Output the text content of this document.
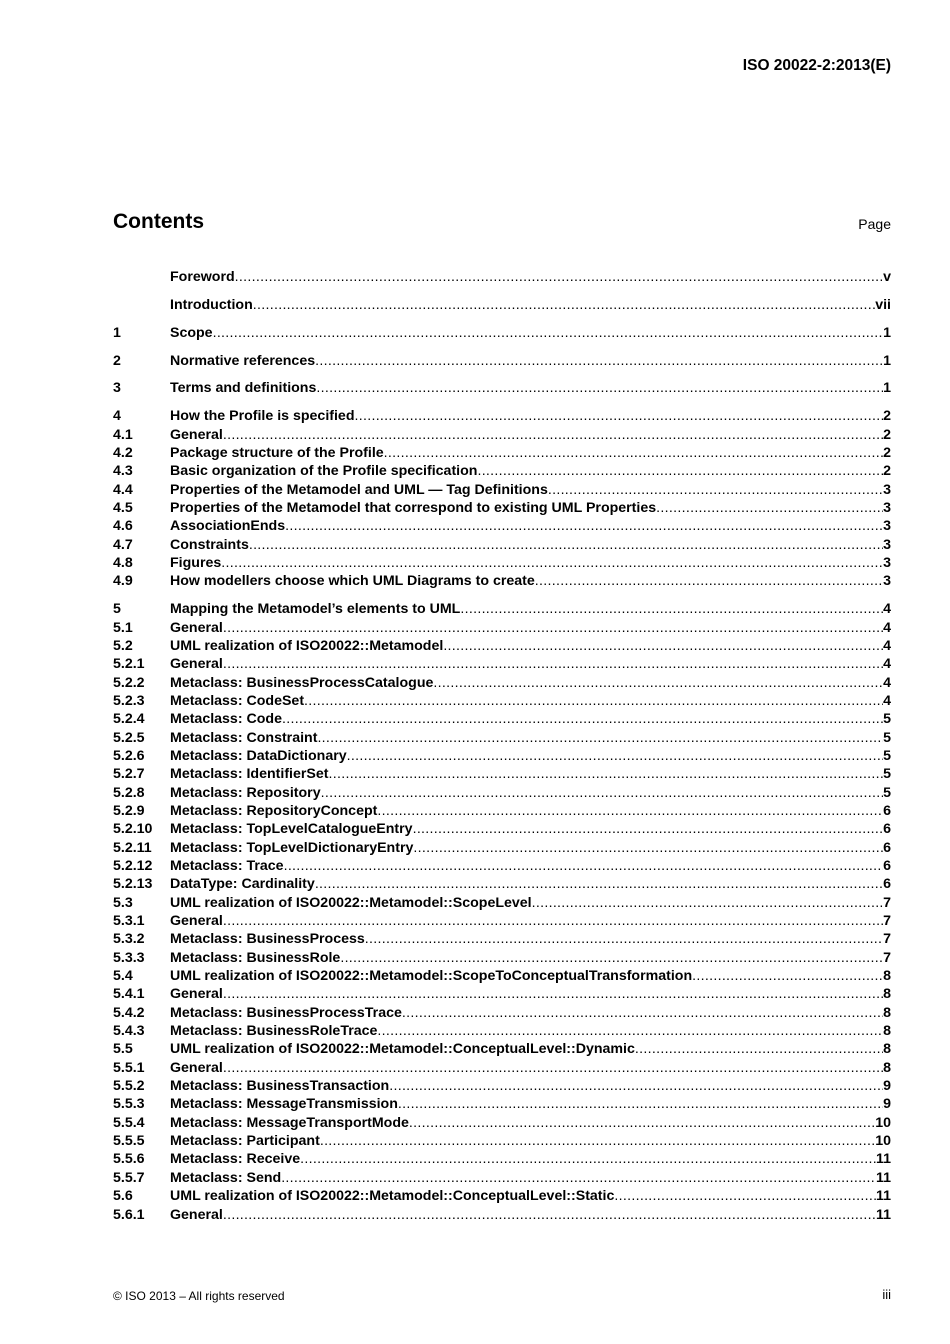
ISO 20022-2:2013(E)
Contents	Page
Foreword .....	v
Introduction .....	vii
1	Scope .....	1
2	Normative references .....	1
3	Terms and definitions .....	1
4	How the Profile is specified .....	2
4.1	General .....	2
4.2	Package structure of the Profile .....	2
4.3	Basic organization of the Profile specification .....	2
4.4	Properties of the Metamodel and UML — Tag Definitions .....	3
4.5	Properties of the Metamodel that correspond to existing UML Properties .....	3
4.6	AssociationEnds .....	3
4.7	Constraints .....	3
4.8	Figures .....	3
4.9	How modellers choose which UML Diagrams to create .....	3
5	Mapping the Metamodel’s elements to UML .....	4
5.1	General .....	4
5.2	UML realization of ISO20022::Metamodel .....	4
5.2.1	General .....	4
5.2.2	Metaclass: BusinessProcessCatalogue .....	4
5.2.3	Metaclass: CodeSet .....	4
5.2.4	Metaclass: Code .....	5
5.2.5	Metaclass: Constraint .....	5
5.2.6	Metaclass: DataDictionary .....	5
5.2.7	Metaclass: IdentifierSet .....	5
5.2.8	Metaclass: Repository .....	5
5.2.9	Metaclass: RepositoryConcept .....	6
5.2.10	Metaclass: TopLevelCatalogueEntry .....	6
5.2.11	Metaclass: TopLevelDictionaryEntry .....	6
5.2.12	Metaclass: Trace .....	6
5.2.13	DataType: Cardinality .....	6
5.3	UML realization of ISO20022::Metamodel::ScopeLevel .....	7
5.3.1	General .....	7
5.3.2	Metaclass: BusinessProcess .....	7
5.3.3	Metaclass: BusinessRole .....	7
5.4	UML realization of ISO20022::Metamodel::ScopeToConceptualTransformation .....	8
5.4.1	General .....	8
5.4.2	Metaclass: BusinessProcessTrace .....	8
5.4.3	Metaclass: BusinessRoleTrace .....	8
5.5	UML realization of ISO20022::Metamodel::ConceptualLevel::Dynamic .....	8
5.5.1	General .....	8
5.5.2	Metaclass: BusinessTransaction .....	9
5.5.3	Metaclass: MessageTransmission .....	9
5.5.4	Metaclass: MessageTransportMode .....	10
5.5.5	Metaclass: Participant .....	10
5.5.6	Metaclass: Receive .....	11
5.5.7	Metaclass: Send .....	11
5.6	UML realization of ISO20022::Metamodel::ConceptualLevel::Static .....	11
5.6.1	General .....	11
© ISO 2013 – All rights reserved	iii
